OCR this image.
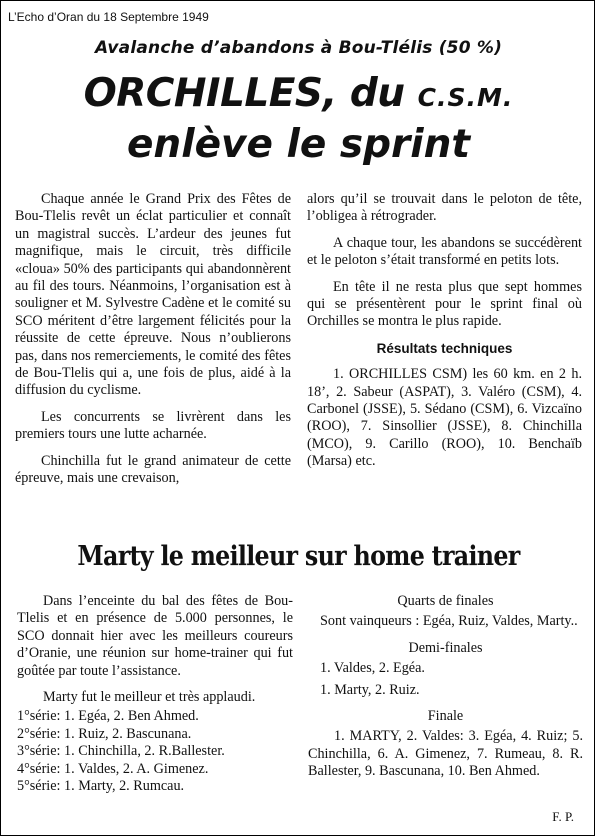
L’Echo d’Oran du 18 Septembre 1949
Avalanche d’abandons à Bou-Tlélis (50 %)
ORCHILLES, du C.S.M.
enlève le sprint

Chaque année le Grand Prix des Fêtes de Bou-Tlelis revêt un éclat particulier et connaît un magistral succès. L’ardeur des jeunes fut magnifique, mais le circuit, très difficile «cloua» 50% des participants qui abandonnèrent au fil des tours. Néanmoins, l’organisation est à souligner et M. Sylvestre Cadène et le comité su SCO méritent d’être largement félicités pour la réussite de cette épreuve. Nous n’oublierons pas, dans nos remerciements, le comité des fêtes de Bou-Tlelis qui a, une fois de plus, aidé à la diffusion du cyclisme.

Les concurrents se livrèrent dans les premiers tours une lutte acharnée.

Chinchilla fut le grand animateur de cette épreuve, mais une crevaison,

alors qu’il se trouvait dans le peloton de tête, l’obligea à rétrograder.

A chaque tour, les abandons se succédèrent et le peloton s’était transformé en petits lots.

En tête il ne resta plus que sept hommes qui se présentèrent pour le sprint final où Orchilles se montra le plus rapide.

Résultats techniques

1. ORCHILLES CSM) les 60 km. en 2 h. 18’, 2. Sabeur (ASPAT), 3. Valéro (CSM), 4. Carbonel (JSSE), 5. Sédano (CSM), 6. Vizcaïno (ROO), 7. Sinsollier (JSSE), 8. Chinchilla (MCO), 9. Carillo (ROO), 10. Benchaïb (Marsa) etc.

Marty le meilleur sur home trainer

Dans l’enceinte du bal des fêtes de Bou-Tlelis et en présence de 5.000 personnes, le SCO donnait hier avec les meilleurs coureurs d’Oranie, une réunion sur home-trainer qui fut goûtée par toute l’assistance.

Marty fut le meilleur et très applaudi.

1°série: 1. Egéa, 2. Ben Ahmed.

2°série: 1. Ruiz, 2. Bascunana.

3°série: 1. Chinchilla, 2. R.Ballester.

4°série: 1. Valdes, 2. A. Gimenez.

5°série: 1. Marty, 2. Rumcau.

Quarts de finales

Sont vainqueurs : Egéa, Ruiz, Valdes, Marty..

Demi-finales

1. Valdes, 2. Egéa.

1. Marty, 2. Ruiz.

Finale

1. MARTY, 2. Valdes: 3. Egéa, 4. Ruiz; 5. Chinchilla, 6. A. Gimenez, 7. Rumeau, 8. R. Ballester, 9. Bascunana, 10. Ben Ahmed.

F. P.
